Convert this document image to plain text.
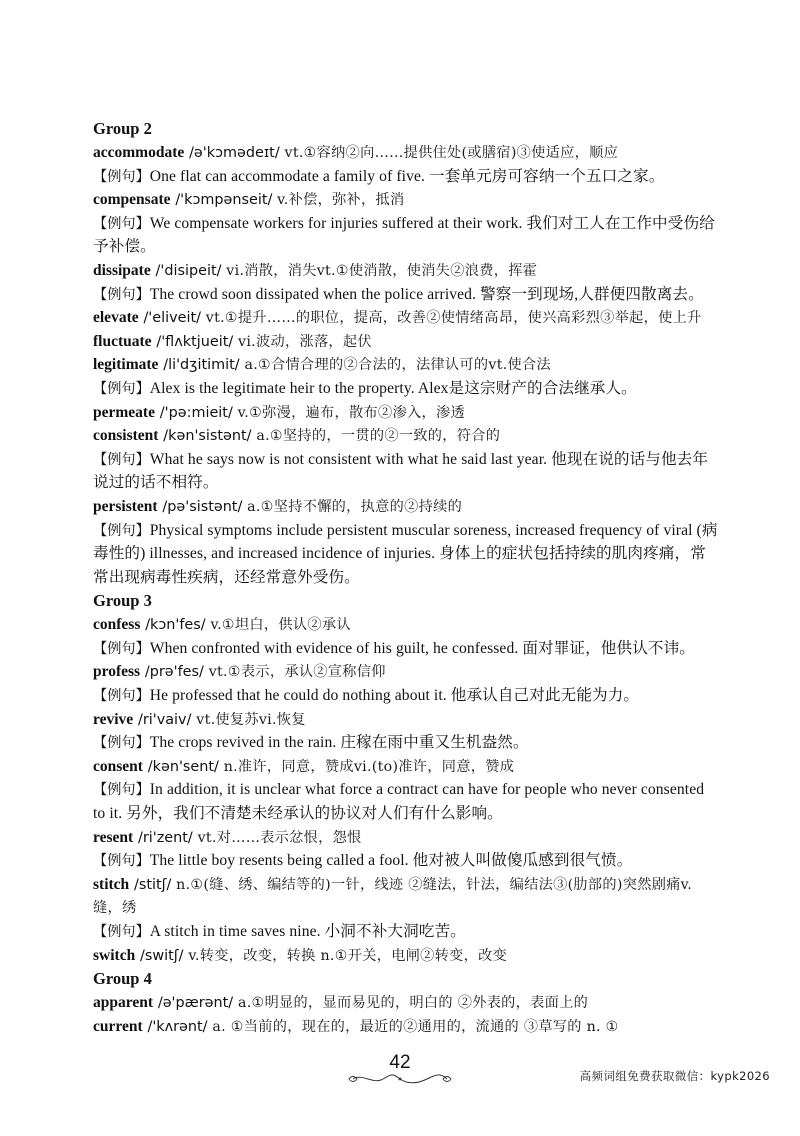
Group 2
accommodate /ə'kɔmədeɪt/ vt.①容纳②向……提供住处(或膳宿)③使适应，顺应
【例句】One flat can accommodate a family of five. 一套单元房可容纳一个五口之家。
compensate /'kɔmpənseit/ v.补偿，弥补，抵消
【例句】We compensate workers for injuries suffered at their work. 我们对工人在工作中受伤给予补偿。
dissipate /'disipeit/ vi.消散，消失vt.①使消散，使消失②浪费，挥霍
【例句】The crowd soon dissipated when the police arrived. 警察一到现场,人群便四散离去。
elevate /'eliveit/ vt.①提升……的职位，提高，改善②使情绪高昂，使兴高彩烈③举起，使上升
fluctuate /'flʌktjueit/ vi.波动，涨落，起伏
legitimate /li'dʒitimit/ a.①合情合理的②合法的，法律认可的vt.使合法
【例句】Alex is the legitimate heir to the property. Alex是这宗财产的合法继承人。
permeate /'pə:mieit/ v.①弥漫，遍布，散布②渗入，渗透
consistent /kən'sistənt/ a.①坚持的，一贯的②一致的，符合的
【例句】What he says now is not consistent with what he said last year. 他现在说的话与他去年说过的话不相符。
persistent /pə'sistənt/ a.①坚持不懈的，执意的②持续的
【例句】Physical symptoms include persistent muscular soreness, increased frequency of viral (病毒性的) illnesses, and increased incidence of injuries. 身体上的症状包括持续的肌肉疼痛，常常出现病毒性疾病，还经常意外受伤。
Group 3
confess /kɔn'fes/ v.①坦白，供认②承认
【例句】When confronted with evidence of his guilt, he confessed. 面对罪证，他供认不讳。
profess /prə'fes/ vt.①表示，承认②宣称信仰
【例句】He professed that he could do nothing about it. 他承认自己对此无能为力。
revive /ri'vaiv/ vt.使复苏vi.恢复
【例句】The crops revived in the rain. 庄稼在雨中重又生机盎然。
consent /kən'sent/ n.准许，同意，赞成vi.(to)准许，同意，赞成
【例句】In addition, it is unclear what force a contract can have for people who never consented to it. 另外，我们不清楚未经承认的协议对人们有什么影响。
resent /ri'zent/ vt.对……表示忿恨，怨恨
【例句】The little boy resents being called a fool. 他对被人叫做傻瓜感到很气愤。
stitch /stitʃ/ n.①(缝、绣、编结等的)一针，线迹 ②缝法，针法，编结法③(肋部的)突然剧痛v.缝，绣
【例句】A stitch in time saves nine. 小洞不补大洞吃苦。
switch /switʃ/ v.转变，改变，转换 n.①开关，电闸②转变，改变
Group 4
apparent /ə'pærənt/ a.①明显的，显而易见的，明白的 ②外表的，表面上的
current /'kʌrənt/ a. ①当前的，现在的，最近的②通用的，流通的 ③草写的 n. ①
42
高频词组免费获取微信：kypk2026
